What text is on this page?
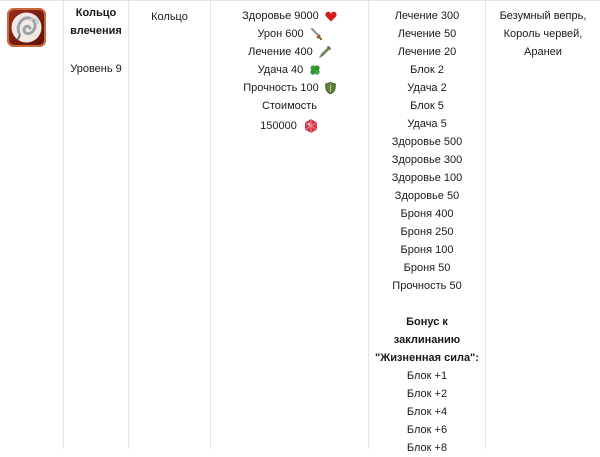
Кольцо влечения
Уровень 9
Кольцо	Здоровье 9000
Урон 600
Лечение 400
Удача 40
Прочность 100
Стоимость
150000
Лечение 300
Лечение 50
Лечение 20
Блок 2
Удача 2
Блок 5
Удача 5
Здоровье 500
Здоровье 300
Здоровье 100
Здоровье 50
Броня 400
Броня 250
Броня 100
Броня 50
Прочность 50
Бонус к
заклинанию
"Жизненная сила":
Блок +1
Блок +2
Блок +4
Блок +6
Блок +8
Безумный вепрь, Король червей, Аранеи
